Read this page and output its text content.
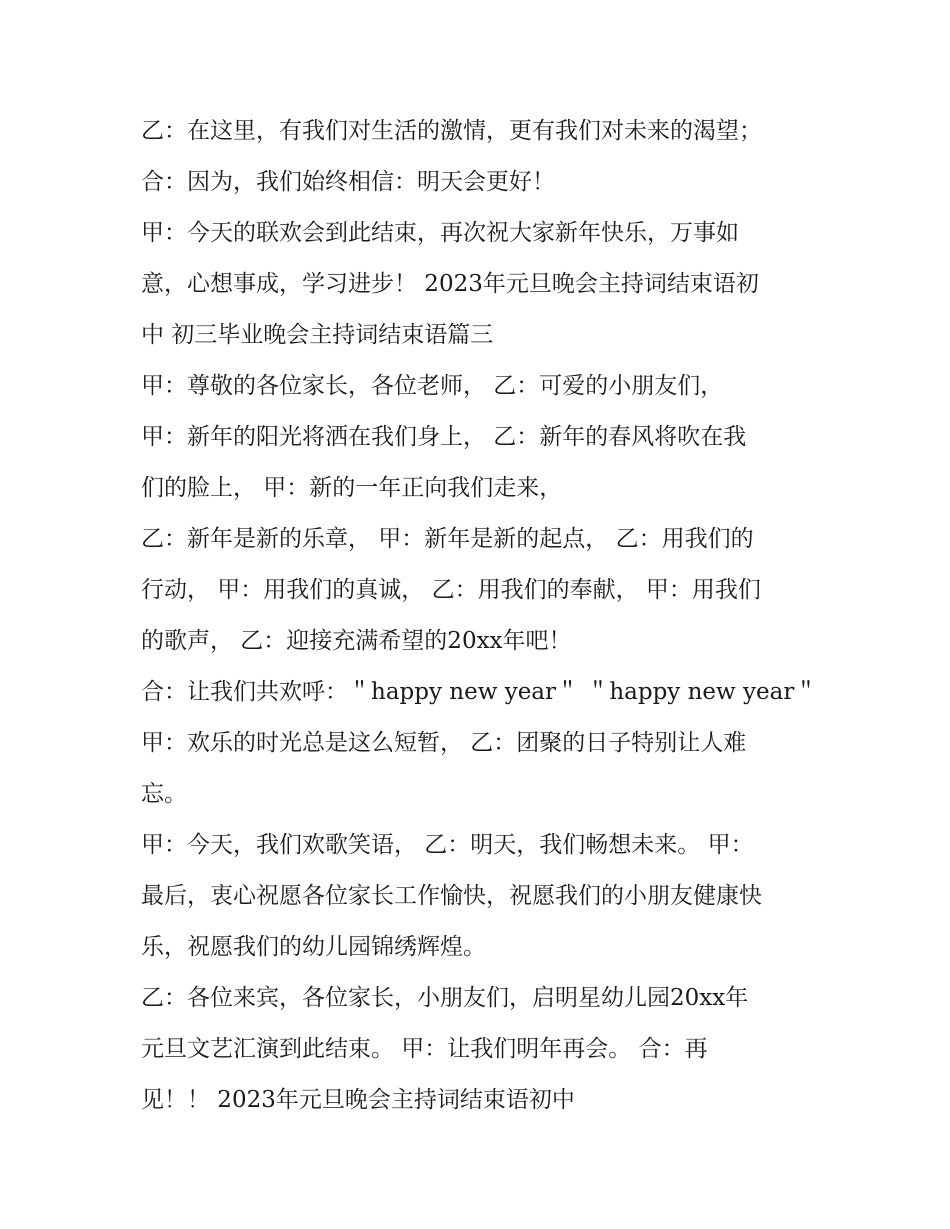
乙：在这里，有我们对生活的激情，更有我们对未来的渴望；
合：因为，我们始终相信：明天会更好！
甲：今天的联欢会到此结束，再次祝大家新年快乐，万事如
意，心想事成，学习进步！ 2023年元旦晚会主持词结束语初
中 初三毕业晚会主持词结束语篇三
甲：尊敬的各位家长，各位老师， 乙：可爱的小朋友们，
甲：新年的阳光将洒在我们身上， 乙：新年的春风将吹在我
们的脸上， 甲：新的一年正向我们走来，
乙：新年是新的乐章， 甲：新年是新的起点， 乙：用我们的
行动， 甲：用我们的真诚， 乙：用我们的奉献， 甲：用我们
的歌声， 乙：迎接充满希望的20xx年吧！
合：让我们共欢呼：＂happy new year＂ ＂happy new year＂
甲：欢乐的时光总是这么短暂， 乙：团聚的日子特别让人难
忘。
甲：今天，我们欢歌笑语， 乙：明天，我们畅想未来。 甲：
最后，衷心祝愿各位家长工作愉快，祝愿我们的小朋友健康快
乐，祝愿我们的幼儿园锦绣辉煌。
乙：各位来宾，各位家长，小朋友们，启明星幼儿园20xx年
元旦文艺汇演到此结束。 甲：让我们明年再会。 合：再
见！！ 2023年元旦晚会主持词结束语初中
